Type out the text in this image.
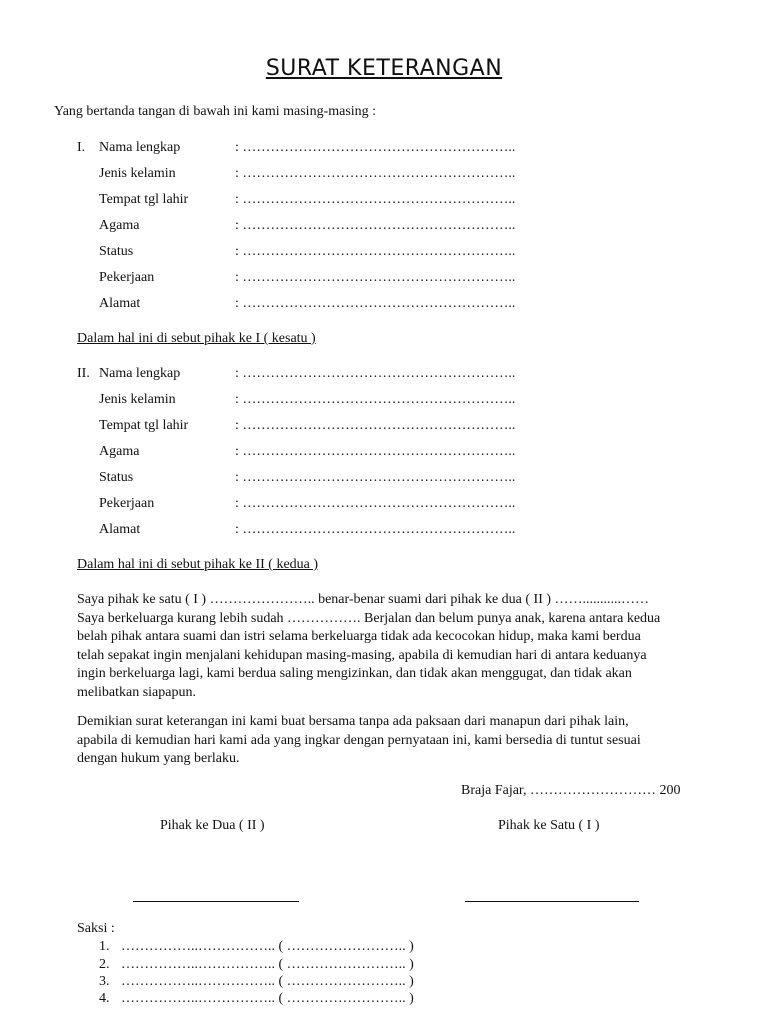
SURAT KETERANGAN
Yang bertanda tangan di bawah ini kami masing-masing :
I. Nama lengkap	: …………………………………………………..
Jenis kelamin	: …………………………………………………..
Tempat tgl lahir	: …………………………………………………..
Agama	: …………………………………………………..
Status	: …………………………………………………..
Pekerjaan	: …………………………………………………..
Alamat	: …………………………………………………..
Dalam hal ini di sebut pihak ke I ( kesatu )
II. Nama lengkap	: …………………………………………………..
Jenis kelamin	: …………………………………………………..
Tempat tgl lahir	: …………………………………………………..
Agama	: …………………………………………………..
Status	: …………………………………………………..
Pekerjaan	: …………………………………………………..
Alamat	: …………………………………………………..
Dalam hal ini di sebut pihak ke II ( kedua )

Saya pihak ke satu ( I ) ………………….. benar-benar suami dari pihak ke dua ( II ) ……...........……

Saya berkeluarga kurang lebih sudah ……………. Berjalan dan belum punya anak, karena antara kedua

belah pihak antara suami dan istri selama berkeluarga tidak ada kecocokan hidup, maka kami berdua

telah sepakat ingin menjalani kehidupan masing-masing, apabila di kemudian hari di antara keduanya

ingin berkeluarga lagi, kami berdua saling mengizinkan, dan tidak akan menggugat, dan tidak akan

melibatkan siapapun.

Demikian surat keterangan ini kami buat bersama tanpa ada paksaan dari manapun dari pihak lain,

apabila di kemudian hari kami ada yang ingkar dengan pernyataan ini, kami bersedia di tuntut sesuai

dengan hukum yang berlaku.

Braja Fajar, ……………………… 200
Pihak ke Dua ( II )	Pihak ke Satu ( I )
Saksi :
1. ……………..…………….. ( …………………….. )
2. ……………..…………….. ( …………………….. )
3. ……………..…………….. ( …………………….. )
4. ……………..…………….. ( …………………….. )
